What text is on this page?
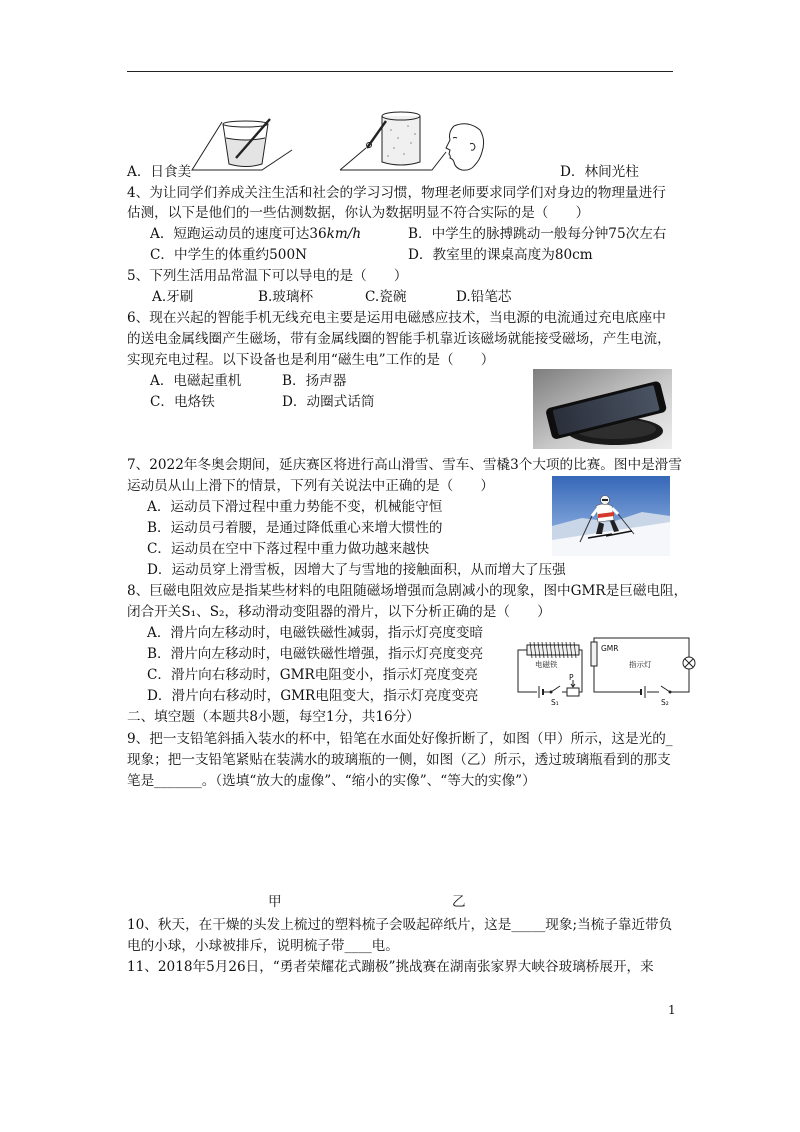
A．日食美	D．林间光柱
4、为让同学们养成关注生活和社会的学习习惯，物理老师要求同学们对身边的物理量进行
估测，以下是他们的一些估测数据，你认为数据明显不符合实际的是（　　）
A．短跑运动员的速度可达36km/h	B．中学生的脉搏跳动一般每分钟75次左右
C．中学生的体重约500N	D．教室里的课桌高度为80cm
5、下列生活用品常温下可以导电的是（　　）
A.牙刷	B.玻璃杯	C.瓷碗	D.铅笔芯
6、现在兴起的智能手机无线充电主要是运用电磁感应技术，当电源的电流通过充电底座中
的送电金属线圈产生磁场，带有金属线圈的智能手机靠近该磁场就能接受磁场，产生电流，
实现充电过程。以下设备也是利用“磁生电”工作的是（　　）
A．电磁起重机	B．扬声器
C．电烙铁	D．动圈式话筒
7、2022年冬奥会期间，延庆赛区将进行高山滑雪、雪车、雪橇3个大项的比赛。图中是滑雪
运动员从山上滑下的情景，下列有关说法中正确的是（　　）
A．运动员下滑过程中重力势能不变，机械能守恒
B．运动员弓着腰，是通过降低重心来增大惯性的
C．运动员在空中下落过程中重力做功越来越快
D．运动员穿上滑雪板，因增大了与雪地的接触面积，从而增大了压强
8、巨磁电阻效应是指某些材料的电阻随磁场增强而急剧减小的现象，图中GMR是巨磁电阻，
闭合开关S₁、S₂，移动滑动变阻器的滑片，以下分析正确的是（　　）
A．滑片向左移动时，电磁铁磁性减弱，指示灯亮度变暗
B．滑片向左移动时，电磁铁磁性增强，指示灯亮度变亮
C．滑片向右移动时，GMR电阻变小，指示灯亮度变亮
D．滑片向右移动时，GMR电阻变大，指示灯亮度变亮
电磁铁
GMR
指示灯
P
S₁	S₂
二、填空题（本题共8小题，每空1分，共16分）
9、把一支铅笔斜插入装水的杯中，铅笔在水面处好像折断了，如图（甲）所示，这是光的_
现象；把一支铅笔紧贴在装满水的玻璃瓶的一侧，如图（乙）所示，透过玻璃瓶看到的那支
笔是_______。（选填“放大的虚像”、“缩小的实像”、“等大的实像”）
甲	乙
10、秋天，在干燥的头发上梳过的塑料梳子会吸起碎纸片，这是_____现象;当梳子靠近带负
电的小球，小球被排斥，说明梳子带____电。
11、2018年5月26日，“勇者荣耀花式蹦极”挑战赛在湖南张家界大峡谷玻璃桥展开，来
1
